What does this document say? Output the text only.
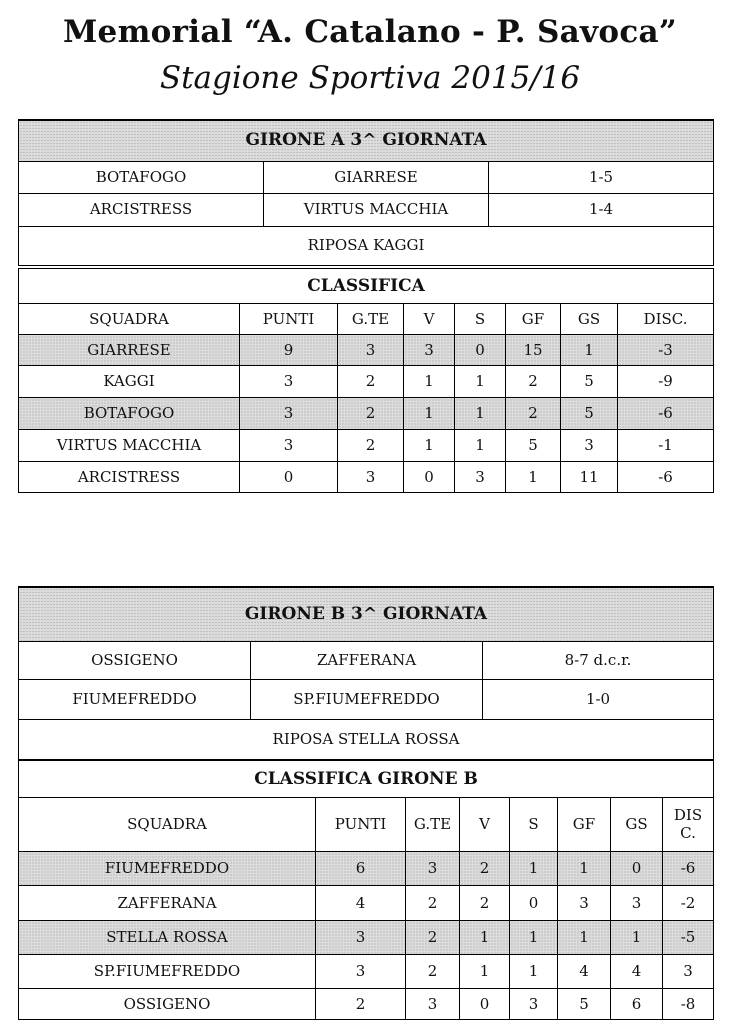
Memorial “A. Catalano - P. Savoca”
Stagione Sportiva 2015/16
GIRONE A 3^ GIORNATA		
BOTAFOGO	GIARRESE	1-5
ARCISTRESS	VIRTUS MACCHIA	1-4
RIPOSA KAGGI		
CLASSIFICA							
SQUADRA	PUNTI	G.TE	V	S	GF	GS	DISC.
GIARRESE	9	3	3	0	15	1	-3
KAGGI	3	2	1	1	2	5	-9
BOTAFOGO	3	2	1	1	2	5	-6
VIRTUS MACCHIA	3	2	1	1	5	3	-1
ARCISTRESS	0	3	0	3	1	11	-6
GIRONE B 3^ GIORNATA		
OSSIGENO	ZAFFERANA	8-7 d.c.r.
FIUMEFREDDO	SP.FIUMEFREDDO	1-0
RIPOSA STELLA ROSSA		
CLASSIFICA GIRONE B							
SQUADRA	PUNTI	G.TE	V	S	GF	GS	DIS C.
FIUMEFREDDO	6	3	2	1	1	0	-6
ZAFFERANA	4	2	2	0	3	3	-2
STELLA ROSSA	3	2	1	1	1	1	-5
SP.FIUMEFREDDO	3	2	1	1	4	4	3
OSSIGENO	2	3	0	3	5	6	-8
